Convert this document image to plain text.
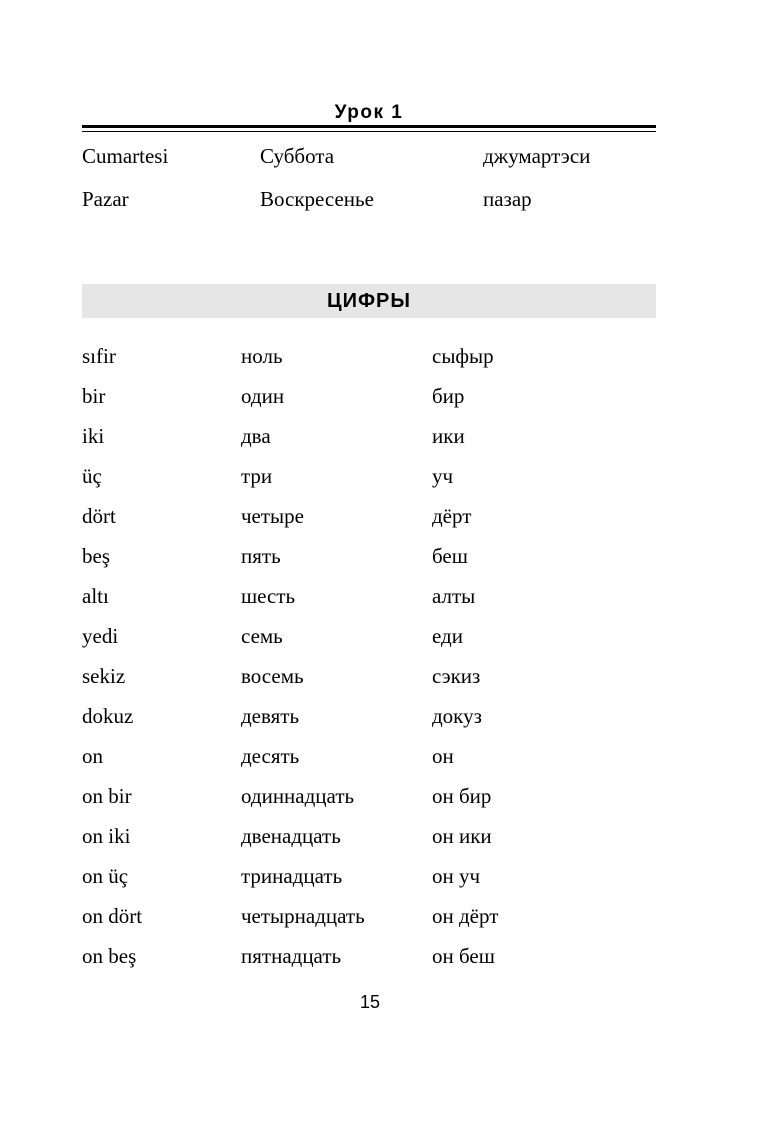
Урок 1
Cumartesi	Суббота	джумартэси
Pazar	Воскресенье	пазар
ЦИФРЫ
sıfir	ноль	сыфыр
bir	один	бир
iki	два	ики
üç	три	уч
dört	четыре	дёрт
beş	пять	беш
altı	шесть	алты
yedi	семь	еди
sekiz	восемь	сэкиз
dokuz	девять	докуз
on	десять	он
on bir	одиннадцать	он бир
on iki	двенадцать	он ики
on üç	тринадцать	он уч
on dört	четырнадцать	он дёрт
on beş	пятнадцать	он беш
15
